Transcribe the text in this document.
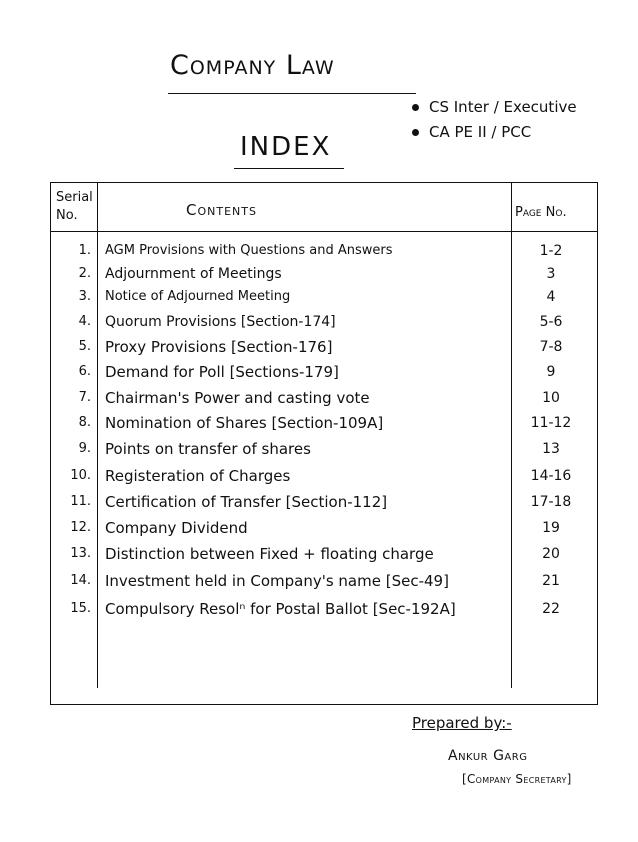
Company Law
CS Inter / Executive
CA PE II / PCC
INDEX
Serial No.	Contents	Page No.
1. AGM Provisions with Questions and Answers	1-2
2. Adjournment of Meetings	3
3. Notice of Adjourned Meeting	4
4. Quorum Provisions [Section-174]	5-6
5. Proxy Provisions [Section-176]	7-8
6. Demand for Poll [Sections-179]	9
7. Chairman's Power and casting vote	10
8. Nomination of Shares [Section-109A]	11-12
9. Points on transfer of shares	13
10. Registeration of Charges	14-16
11. Certification of Transfer [Section-112]	17-18
12. Company Dividend	19
13. Distinction between Fixed + floating charge	20
14. Investment held in Company's name [Sec-49]	21
15. Compulsory Resolⁿ for Postal Ballot [Sec-192A]	22
Prepared by:-
Ankur Garg
[Company Secretary]
